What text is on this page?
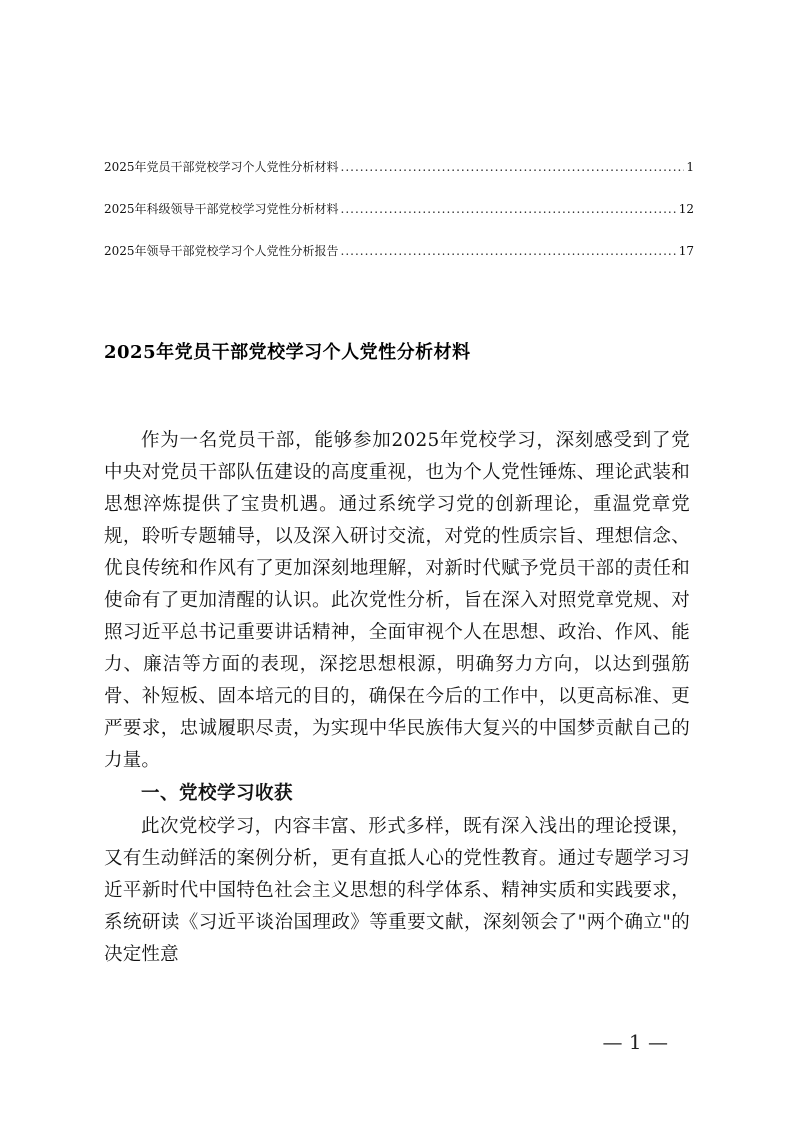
2025年党员干部党校学习个人党性分析材料 .....	1
2025年科级领导干部党校学习党性分析材料 .....	12
2025年领导干部党校学习个人党性分析报告 .....	17
2025年党员干部党校学习个人党性分析材料

作为一名党员干部，能够参加2025年党校学习，深刻感受到了党中央对党员干部队伍建设的高度重视，也为个人党性锤炼、理论武装和思想淬炼提供了宝贵机遇。通过系统学习党的创新理论，重温党章党规，聆听专题辅导，以及深入研讨交流，对党的性质宗旨、理想信念、优良传统和作风有了更加深刻地理解，对新时代赋予党员干部的责任和使命有了更加清醒的认识。此次党性分析，旨在深入对照党章党规、对照习近平总书记重要讲话精神，全面审视个人在思想、政治、作风、能力、廉洁等方面的表现，深挖思想根源，明确努力方向，以达到强筋骨、补短板、固本培元的目的，确保在今后的工作中，以更高标准、更严要求，忠诚履职尽责，为实现中华民族伟大复兴的中国梦贡献自己的力量。

一、党校学习收获

此次党校学习，内容丰富、形式多样，既有深入浅出的理论授课，又有生动鲜活的案例分析，更有直抵人心的党性教育。通过专题学习习近平新时代中国特色社会主义思想的科学体系、精神实质和实践要求，系统研读《习近平谈治国理政》等重要文献，深刻领会了"两个确立"的决定性意

— 1 —
